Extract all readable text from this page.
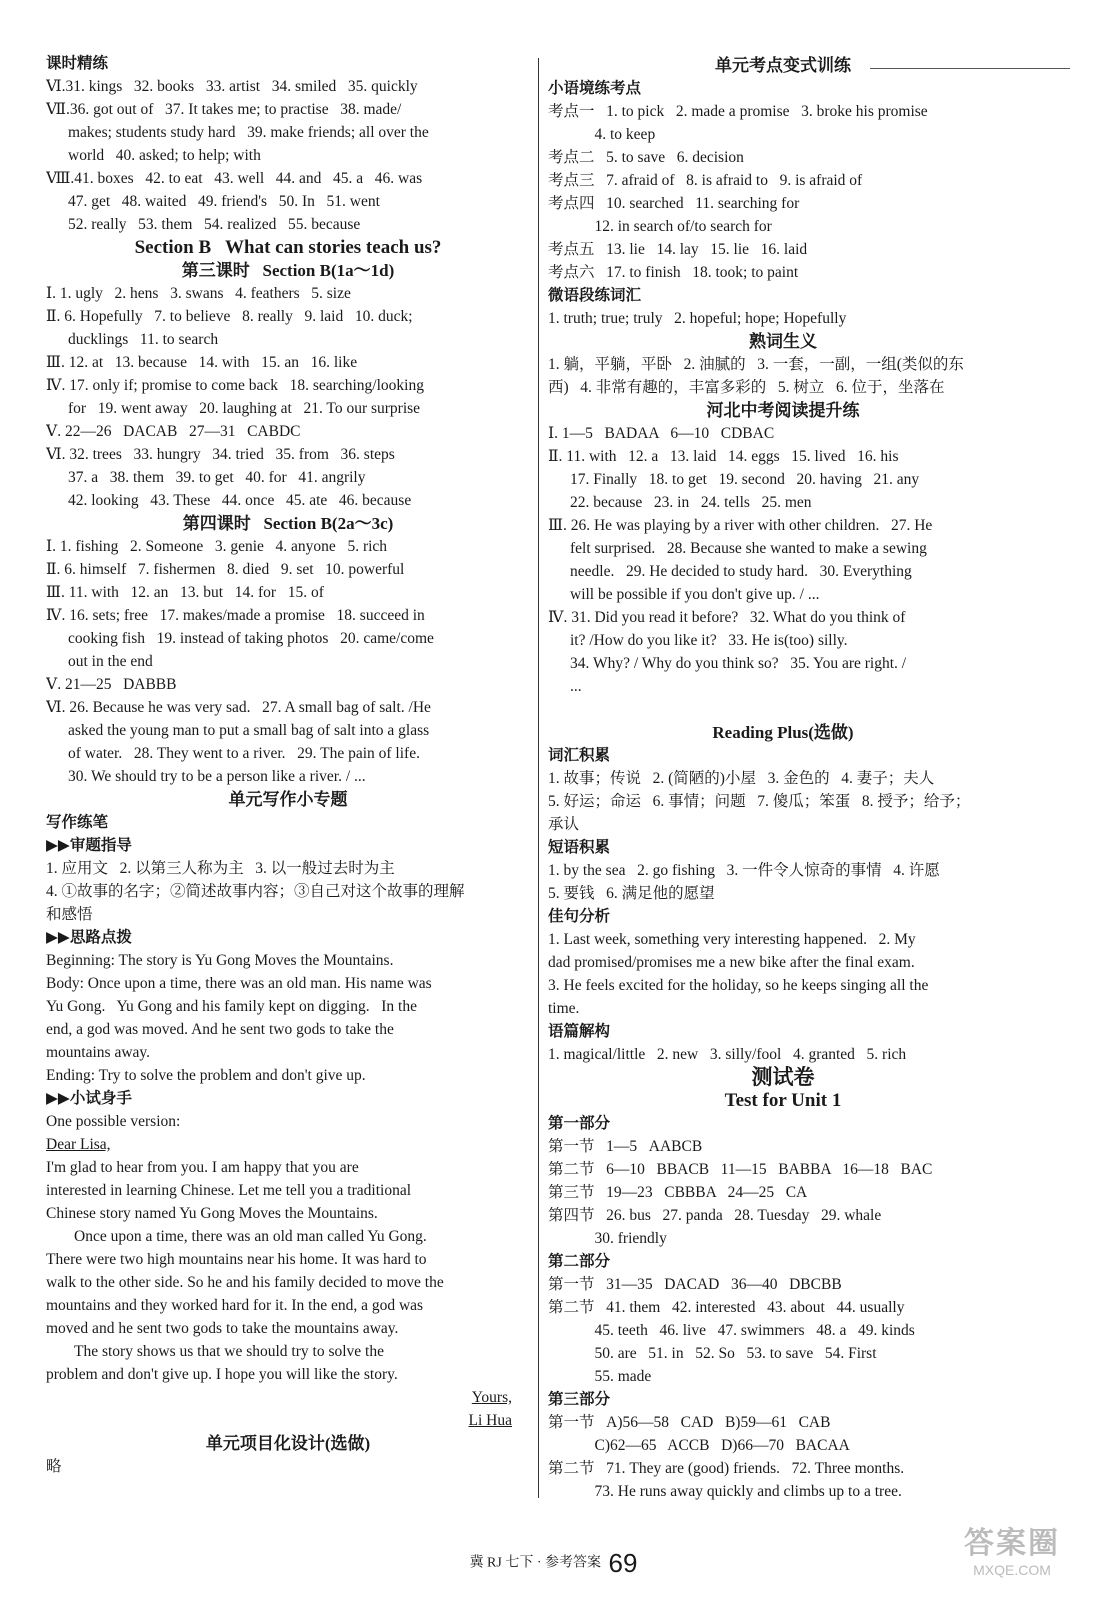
课时精练
Ⅵ.31. kings   32. books   33. artist   34. smiled   35. quickly
Ⅶ.36. got out of   37. It takes me; to practise   38. made/
makes; students study hard   39. make friends; all over the
world   40. asked; to help; with
Ⅷ.41. boxes   42. to eat   43. well   44. and   45. a   46. was
47. get   48. waited   49. friend's   50. In   51. went
52. really   53. them   54. realized   55. because
Section B   What can stories teach us?
第三课时   Section B(1a～1d)
Ⅰ. 1. ugly   2. hens   3. swans   4. feathers   5. size
Ⅱ. 6. Hopefully   7. to believe   8. really   9. laid   10. duck;
ducklings   11. to search
Ⅲ. 12. at   13. because   14. with   15. an   16. like
Ⅳ. 17. only if; promise to come back   18. searching/looking
for   19. went away   20. laughing at   21. To our surprise
Ⅴ. 22—26   DACAB   27—31   CABDC
Ⅵ. 32. trees   33. hungry   34. tried   35. from   36. steps
37. a   38. them   39. to get   40. for   41. angrily
42. looking   43. These   44. once   45. ate   46. because
第四课时   Section B(2a～3c)
Ⅰ. 1. fishing   2. Someone   3. genie   4. anyone   5. rich
Ⅱ. 6. himself   7. fishermen   8. died   9. set   10. powerful
Ⅲ. 11. with   12. an   13. but   14. for   15. of
Ⅳ. 16. sets; free   17. makes/made a promise   18. succeed in
cooking fish   19. instead of taking photos   20. came/come
out in the end
Ⅴ. 21—25   DABBB
Ⅵ. 26. Because he was very sad.   27. A small bag of salt. /He
asked the young man to put a small bag of salt into a glass
of water.   28. They went to a river.   29. The pain of life.
30. We should try to be a person like a river. / ...
单元写作小专题
写作练笔
▶▶审题指导
1. 应用文   2. 以第三人称为主   3. 以一般过去时为主
4. ①故事的名字；②简述故事内容；③自己对这个故事的理解
和感悟
▶▶思路点拨
Beginning: The story is Yu Gong Moves the Mountains.
Body: Once upon a time, there was an old man. His name was
Yu Gong.   Yu Gong and his family kept on digging.   In the
end, a god was moved. And he sent two gods to take the
mountains away.
Ending: Try to solve the problem and don't give up.
▶▶小试身手
One possible version:
Dear Lisa,
I'm glad to hear from you. I am happy that you are
interested in learning Chinese. Let me tell you a traditional
Chinese story named Yu Gong Moves the Mountains.
Once upon a time, there was an old man called Yu Gong.
There were two high mountains near his home. It was hard to
walk to the other side. So he and his family decided to move the
mountains and they worked hard for it. In the end, a god was
moved and he sent two gods to take the mountains away.
The story shows us that we should try to solve the
problem and don't give up. I hope you will like the story.
Yours,
Li Hua
单元项目化设计(选做)
略
单元考点变式训练
小语境练考点
考点一   1. to pick   2. made a promise   3. broke his promise
4. to keep
考点二   5. to save   6. decision
考点三   7. afraid of   8. is afraid to   9. is afraid of
考点四   10. searched   11. searching for
12. in search of/to search for
考点五   13. lie   14. lay   15. lie   16. laid
考点六   17. to finish   18. took; to paint
微语段练词汇
1. truth; true; truly   2. hopeful; hope; Hopefully
熟词生义
1. 躺，平躺，平卧   2. 油腻的   3. 一套，一副，一组(类似的东
西)   4. 非常有趣的，丰富多彩的   5. 树立   6. 位于，坐落在
河北中考阅读提升练
Ⅰ. 1—5   BADAA   6—10   CDBAC
Ⅱ. 11. with   12. a   13. laid   14. eggs   15. lived   16. his
17. Finally   18. to get   19. second   20. having   21. any
22. because   23. in   24. tells   25. men
Ⅲ. 26. He was playing by a river with other children.   27. He
felt surprised.   28. Because she wanted to make a sewing
needle.   29. He decided to study hard.   30. Everything
will be possible if you don't give up. / ...
Ⅳ. 31. Did you read it before?   32. What do you think of
it? /How do you like it?   33. He is(too) silly.
34. Why? / Why do you think so?   35. You are right. /
...
Reading Plus(选做)
词汇积累
1. 故事；传说   2. (简陋的)小屋   3. 金色的   4. 妻子；夫人
5. 好运；命运   6. 事情；问题   7. 傻瓜；笨蛋   8. 授予；给予；
承认
短语积累
1. by the sea   2. go fishing   3. 一件令人惊奇的事情   4. 许愿
5. 要钱   6. 满足他的愿望
佳句分析
1. Last week, something very interesting happened.   2. My
dad promised/promises me a new bike after the final exam.
3. He feels excited for the holiday, so he keeps singing all the
time.
语篇解构
1. magical/little   2. new   3. silly/fool   4. granted   5. rich
测试卷
Test for Unit 1
第一部分
第一节   1—5   AABCB
第二节   6—10   BBACB   11—15   BABBA   16—18   BAC
第三节   19—23   CBBBA   24—25   CA
第四节   26. bus   27. panda   28. Tuesday   29. whale
30. friendly
第二部分
第一节   31—35   DACAD   36—40   DBCBB
第二节   41. them   42. interested   43. about   44. usually
45. teeth   46. live   47. swimmers   48. a   49. kinds
50. are   51. in   52. So   53. to save   54. First
55. made
第三部分
第一节   A)56—58   CAD   B)59—61   CAB
C)62—65   ACCB   D)66—70   BACAA
第二节   71. They are (good) friends.   72. Three months.
73. He runs away quickly and climbs up to a tree.
冀 RJ 七下 · 参考答案 69
答案圈
MXQE.COM
